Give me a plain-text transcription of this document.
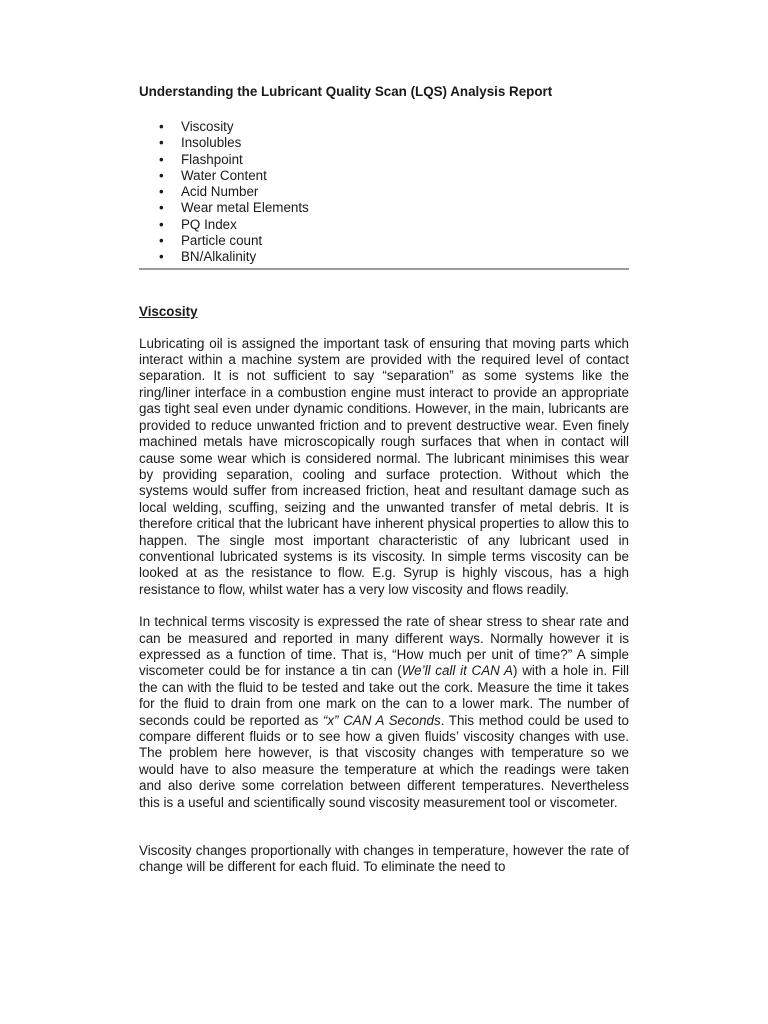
Understanding the Lubricant Quality Scan (LQS) Analysis Report
• Viscosity
• Insolubles
• Flashpoint
• Water Content
• Acid Number
• Wear metal Elements
• PQ Index
• Particle count
• BN/Alkalinity
Viscosity

Lubricating oil is assigned the important task of ensuring that moving parts which interact within a machine system are provided with the required level of contact separation. It is not sufficient to say “separation” as some systems like the ring/liner interface in a combustion engine must interact to provide an appropriate gas tight seal even under dynamic conditions. However, in the main, lubricants are provided to reduce unwanted friction and to prevent destructive wear. Even finely machined metals have microscopically rough surfaces that when in contact will cause some wear which is considered normal. The lubricant minimises this wear by providing separation, cooling and surface protection. Without which the systems would suffer from increased friction, heat and resultant damage such as local welding, scuffing, seizing and the unwanted transfer of metal debris. It is therefore critical that the lubricant have inherent physical properties to allow this to happen. The single most important characteristic of any lubricant used in conventional lubricated systems is its viscosity. In simple terms viscosity can be looked at as the resistance to flow. E.g. Syrup is highly viscous, has a high resistance to flow, whilst water has a very low viscosity and flows readily.

In technical terms viscosity is expressed the rate of shear stress to shear rate and can be measured and reported in many different ways. Normally however it is expressed as a function of time. That is, “How much per unit of time?” A simple viscometer could be for instance a tin can (We’ll call it CAN A) with a hole in. Fill the can with the fluid to be tested and take out the cork. Measure the time it takes for the fluid to drain from one mark on the can to a lower mark. The number of seconds could be reported as “x” CAN A Seconds. This method could be used to compare different fluids or to see how a given fluids’ viscosity changes with use. The problem here however, is that viscosity changes with temperature so we would have to also measure the temperature at which the readings were taken and also derive some correlation between different temperatures. Nevertheless this is a useful and scientifically sound viscosity measurement tool or viscometer.

Viscosity changes proportionally with changes in temperature, however the rate of change will be different for each fluid. To eliminate the need to
